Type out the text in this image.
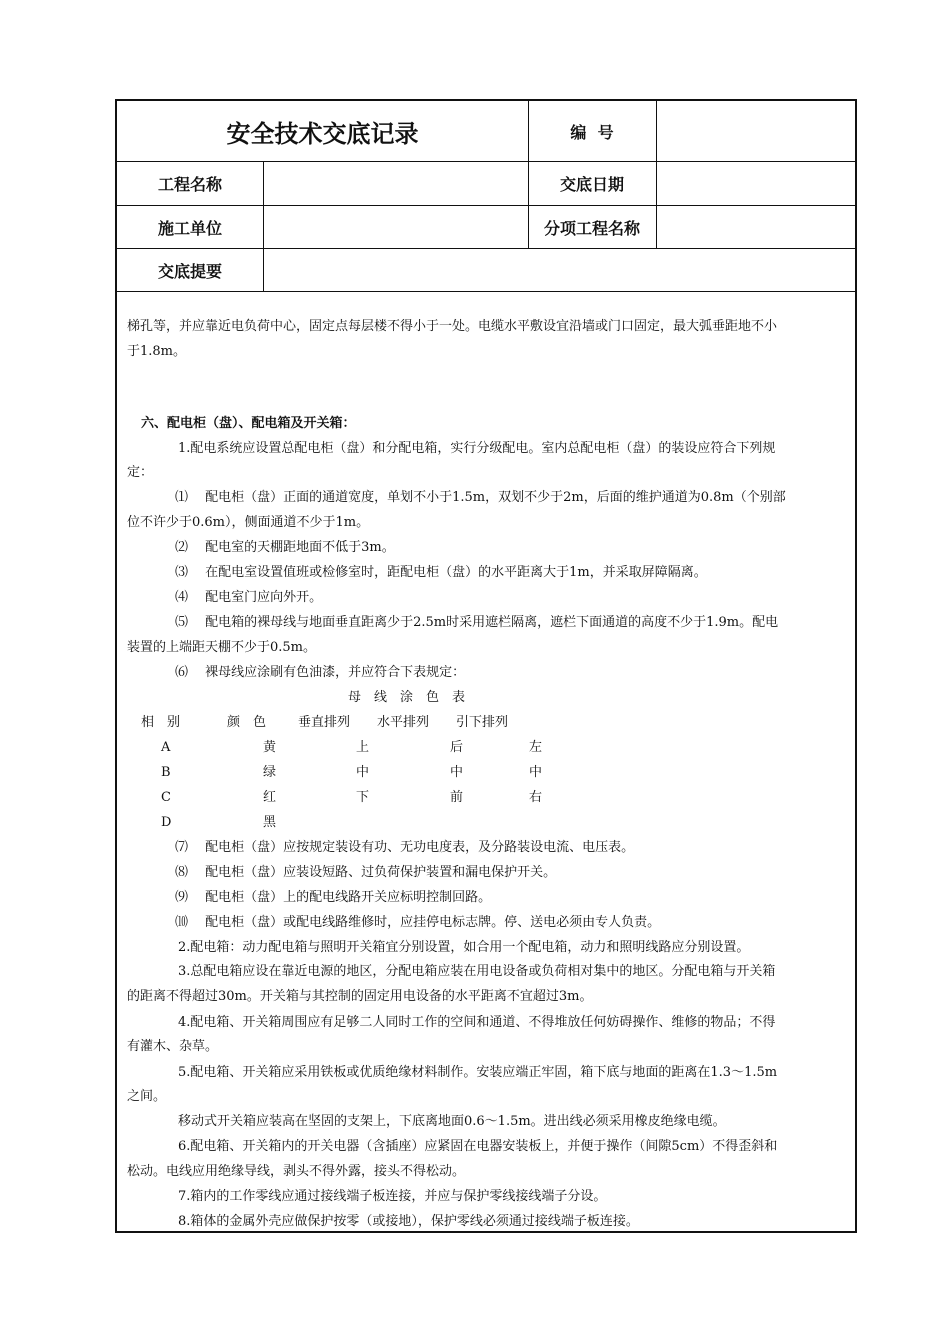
安全技术交底记录	编  号
工程名称	交底日期
施工单位	分项工程名称
交底提要
梯孔等，并应靠近电负荷中心，固定点每层楼不得小于一处。电缆水平敷设宜沿墙或门口固定，最大弧垂距地不小
于1.8m。
六、配电柜（盘）、配电箱及开关箱：
1.配电系统应设置总配电柜（盘）和分配电箱，实行分级配电。室内总配电柜（盘）的装设应符合下列规
定：
⑴　 配电柜（盘）正面的通道宽度，单划不小于1.5m，双划不少于2m，后面的维护通道为0.8m（个别部
位不许少于0.6m），侧面通道不少于1m。
⑵　 配电室的天棚距地面不低于3m。
⑶　 在配电室设置值班或检修室时，距配电柜（盘）的水平距离大于1m，并采取屏障隔离。
⑷　 配电室门应向外开。
⑸　 配电箱的裸母线与地面垂直距离少于2.5m时采用遮栏隔离，遮栏下面通道的高度不少于1.9m。配电
装置的上端距天棚不少于0.5m。
⑹　 裸母线应涂刷有色油漆，并应符合下表规定：
母　线　涂　色　表
相　别	颜　色 垂直排列 水平排列 引下排列
A	黄	上	后	左
B	绿	中	中	中
C	红	下	前	右
D	黑
⑺　 配电柜（盘）应按规定装设有功、无功电度表，及分路装设电流、电压表。
⑻　 配电柜（盘）应装设短路、过负荷保护装置和漏电保护开关。
⑼　 配电柜（盘）上的配电线路开关应标明控制回路。
⑽　 配电柜（盘）或配电线路维修时，应挂停电标志牌。停、送电必须由专人负责。
2.配电箱：动力配电箱与照明开关箱宜分别设置，如合用一个配电箱，动力和照明线路应分别设置。
3.总配电箱应设在靠近电源的地区，分配电箱应装在用电设备或负荷相对集中的地区。分配电箱与开关箱
的距离不得超过30m。开关箱与其控制的固定用电设备的水平距离不宜超过3m。
4.配电箱、开关箱周围应有足够二人同时工作的空间和通道、不得堆放任何妨碍操作、维修的物品；不得
有灌木、杂草。
5.配电箱、开关箱应采用铁板或优质绝缘材料制作。安装应端正牢固，箱下底与地面的距离在1.3～1.5m
之间。
移动式开关箱应装高在坚固的支架上，下底离地面0.6～1.5m。进出线必须采用橡皮绝缘电缆。
6.配电箱、开关箱内的开关电器（含插座）应紧固在电器安装板上，并便于操作（间隙5cm）不得歪斜和
松动。电线应用绝缘导线，剥头不得外露，接头不得松动。
7.箱内的工作零线应通过接线端子板连接，并应与保护零线接线端子分设。
8.箱体的金属外壳应做保护按零（或接地），保护零线必须通过接线端子板连接。
